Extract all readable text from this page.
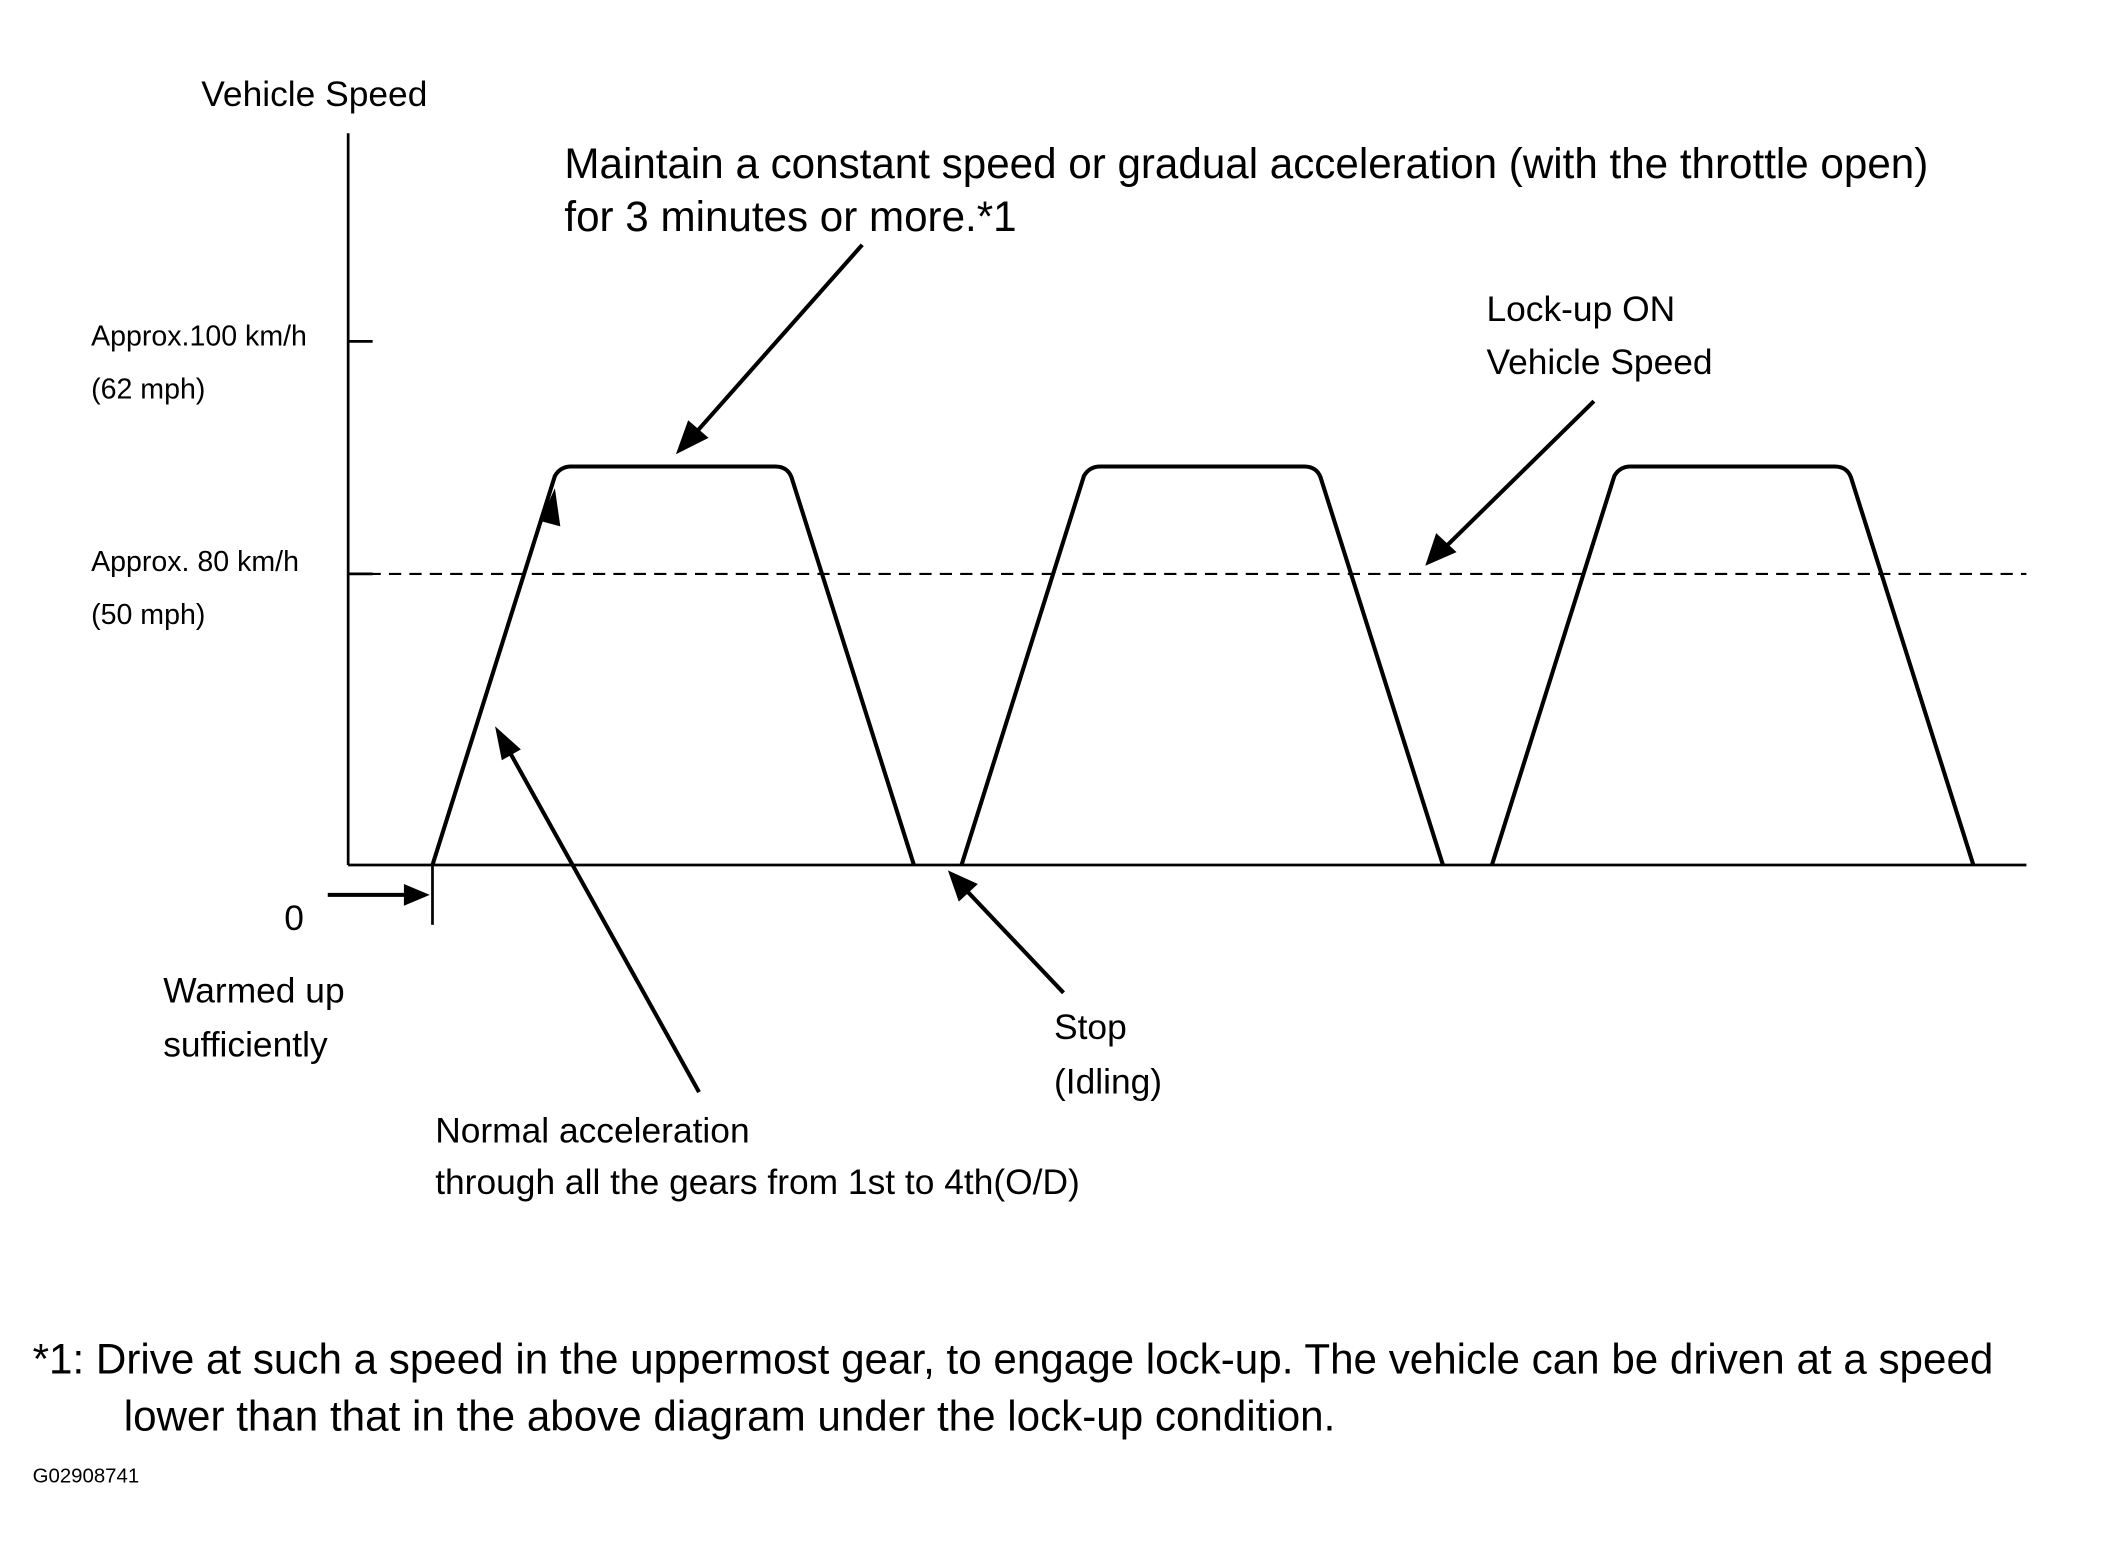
Vehicle Speed
Approx.100 km/h
(62 mph)
Approx. 80 km/h
(50 mph)
0
Maintain a constant speed or gradual acceleration (with the throttle open)
for 3 minutes or more.*1
Lock-up ON
Vehicle Speed
Warmed up
sufficiently
Normal acceleration
through all the gears from 1st to 4th(O/D)
Stop
(Idling)
*1: Drive at such a speed in the uppermost gear, to engage lock-up. The vehicle can be driven at a speed
lower than that in the above diagram under the lock-up condition.
G02908741
